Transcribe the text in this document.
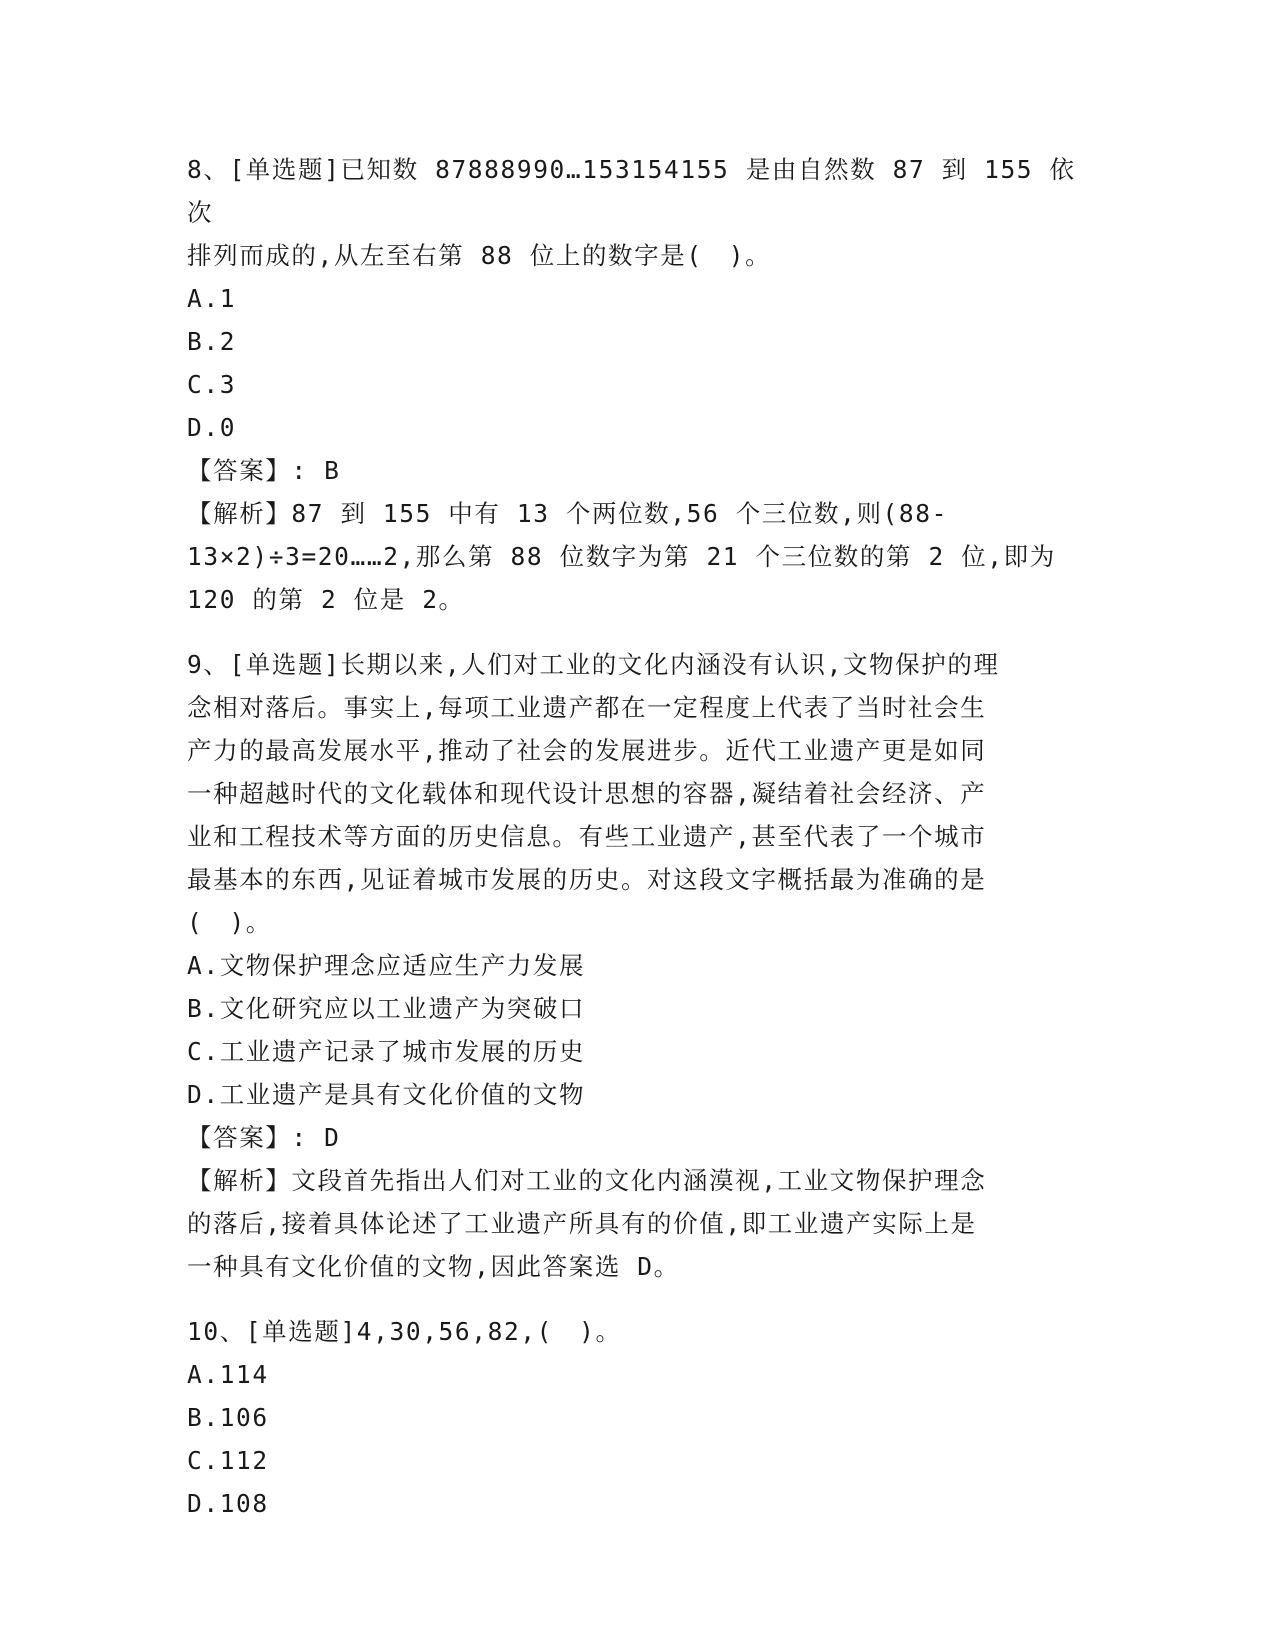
8、[单选题]已知数 87888990…153154155 是由自然数 87 到 155 依次
排列而成的,从左至右第 88 位上的数字是(　)。
A.1
B.2
C.3
D.0
【答案】: B
【解析】87 到 155 中有 13 个两位数,56 个三位数,则(88-
13×2)÷3=20……2,那么第 88 位数字为第 21 个三位数的第 2 位,即为
120 的第 2 位是 2。
9、[单选题]长期以来,人们对工业的文化内涵没有认识,文物保护的理
念相对落后。事实上,每项工业遗产都在一定程度上代表了当时社会生
产力的最高发展水平,推动了社会的发展进步。近代工业遗产更是如同
一种超越时代的文化载体和现代设计思想的容器,凝结着社会经济、产
业和工程技术等方面的历史信息。有些工业遗产,甚至代表了一个城市
最基本的东西,见证着城市发展的历史。对这段文字概括最为准确的是
(　)。
A.文物保护理念应适应生产力发展
B.文化研究应以工业遗产为突破口
C.工业遗产记录了城市发展的历史
D.工业遗产是具有文化价值的文物
【答案】: D
【解析】文段首先指出人们对工业的文化内涵漠视,工业文物保护理念
的落后,接着具体论述了工业遗产所具有的价值,即工业遗产实际上是
一种具有文化价值的文物,因此答案选 D。
10、[单选题]4,30,56,82,(　)。
A.114
B.106
C.112
D.108
